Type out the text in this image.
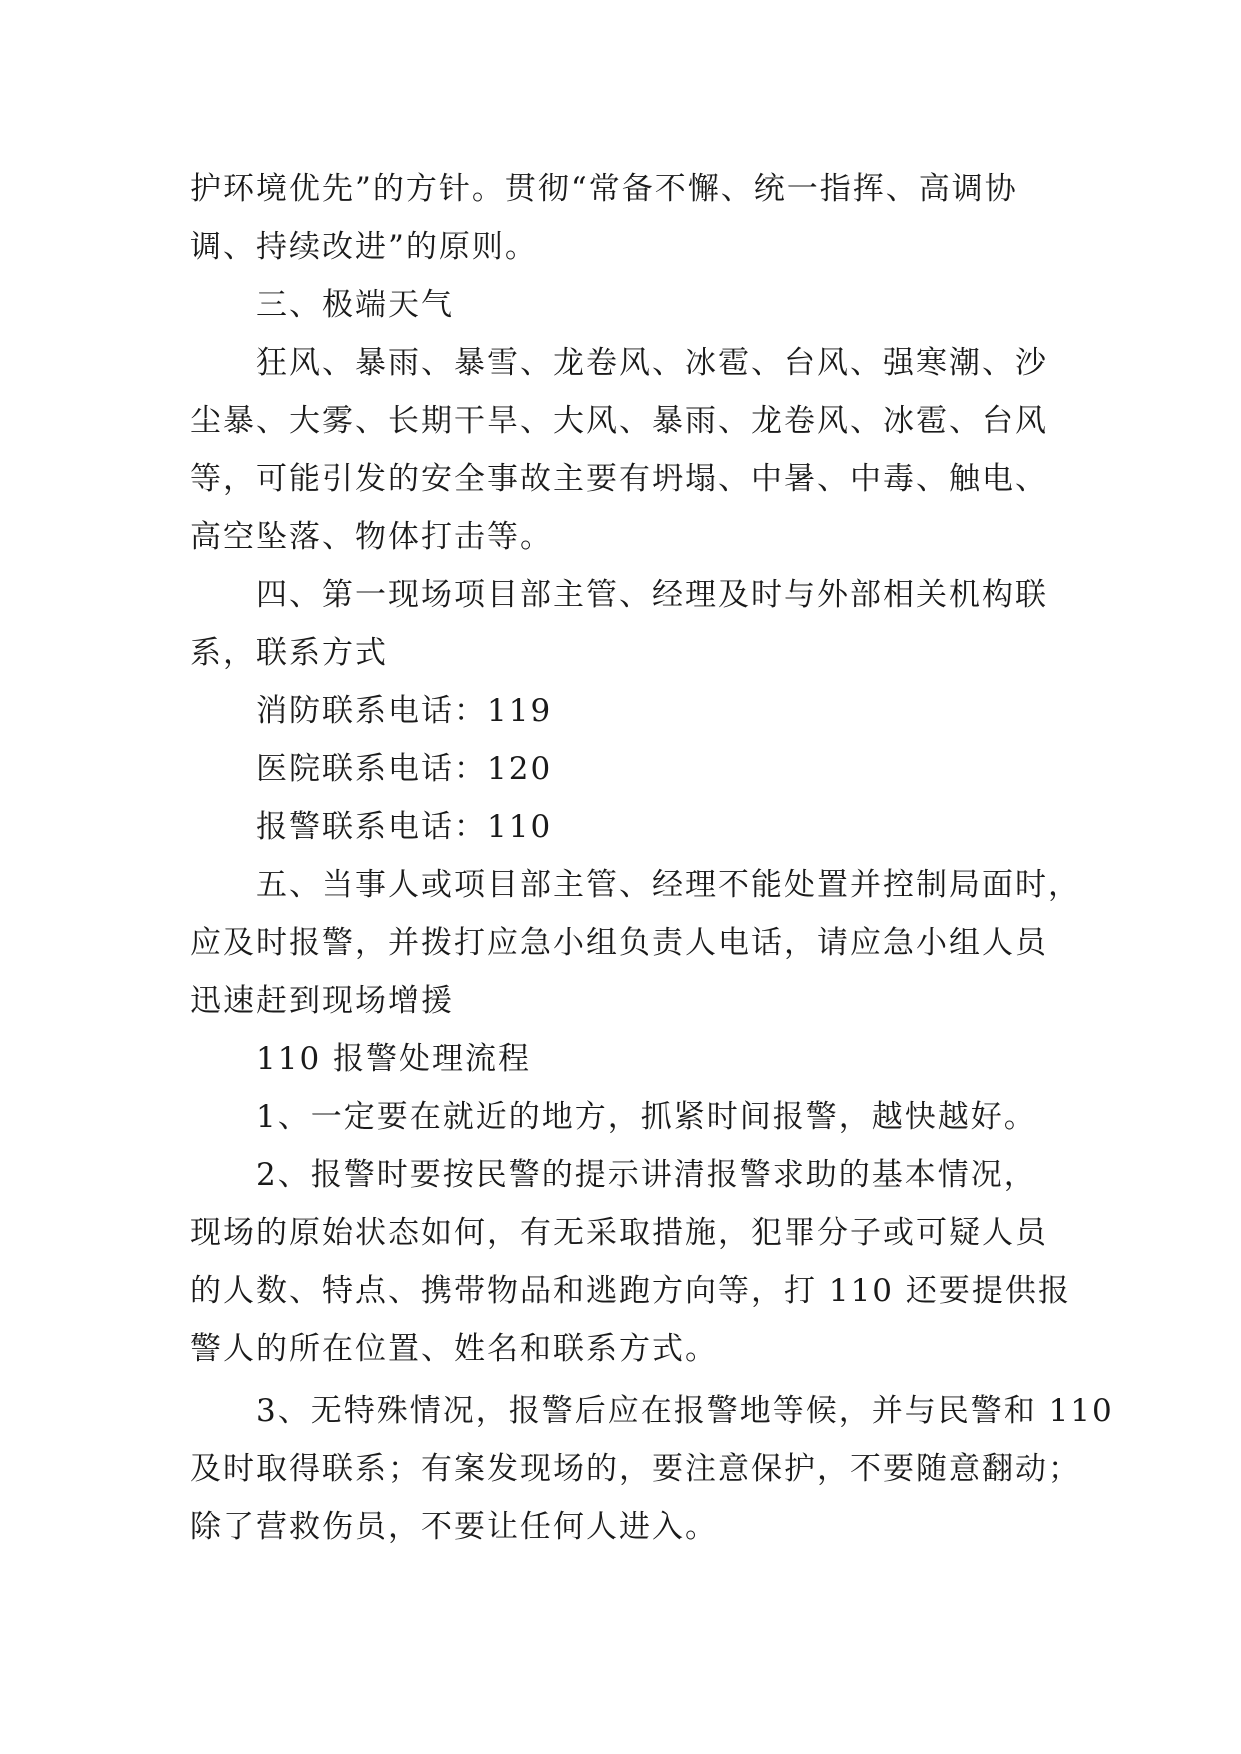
护环境优先”的方针。贯彻“常备不懈、统一指挥、高调协
调、持续改进”的原则。
三、极端天气
狂风、暴雨、暴雪、龙卷风、冰雹、台风、强寒潮、沙
尘暴、大雾、长期干旱、大风、暴雨、龙卷风、冰雹、台风
等，可能引发的安全事故主要有坍塌、中暑、中毒、触电、
高空坠落、物体打击等。
四、第一现场项目部主管、经理及时与外部相关机构联
系，联系方式
消防联系电话：119
医院联系电话：120
报警联系电话：110
五、当事人或项目部主管、经理不能处置并控制局面时，
应及时报警，并拨打应急小组负责人电话，请应急小组人员
迅速赶到现场增援
110 报警处理流程
1、一定要在就近的地方，抓紧时间报警，越快越好。
2、报警时要按民警的提示讲清报警求助的基本情况，
现场的原始状态如何，有无采取措施，犯罪分子或可疑人员
的人数、特点、携带物品和逃跑方向等，打 110 还要提供报
警人的所在位置、姓名和联系方式。
3、无特殊情况，报警后应在报警地等候，并与民警和 110
及时取得联系；有案发现场的，要注意保护，不要随意翻动；
除了营救伤员，不要让任何人进入。
